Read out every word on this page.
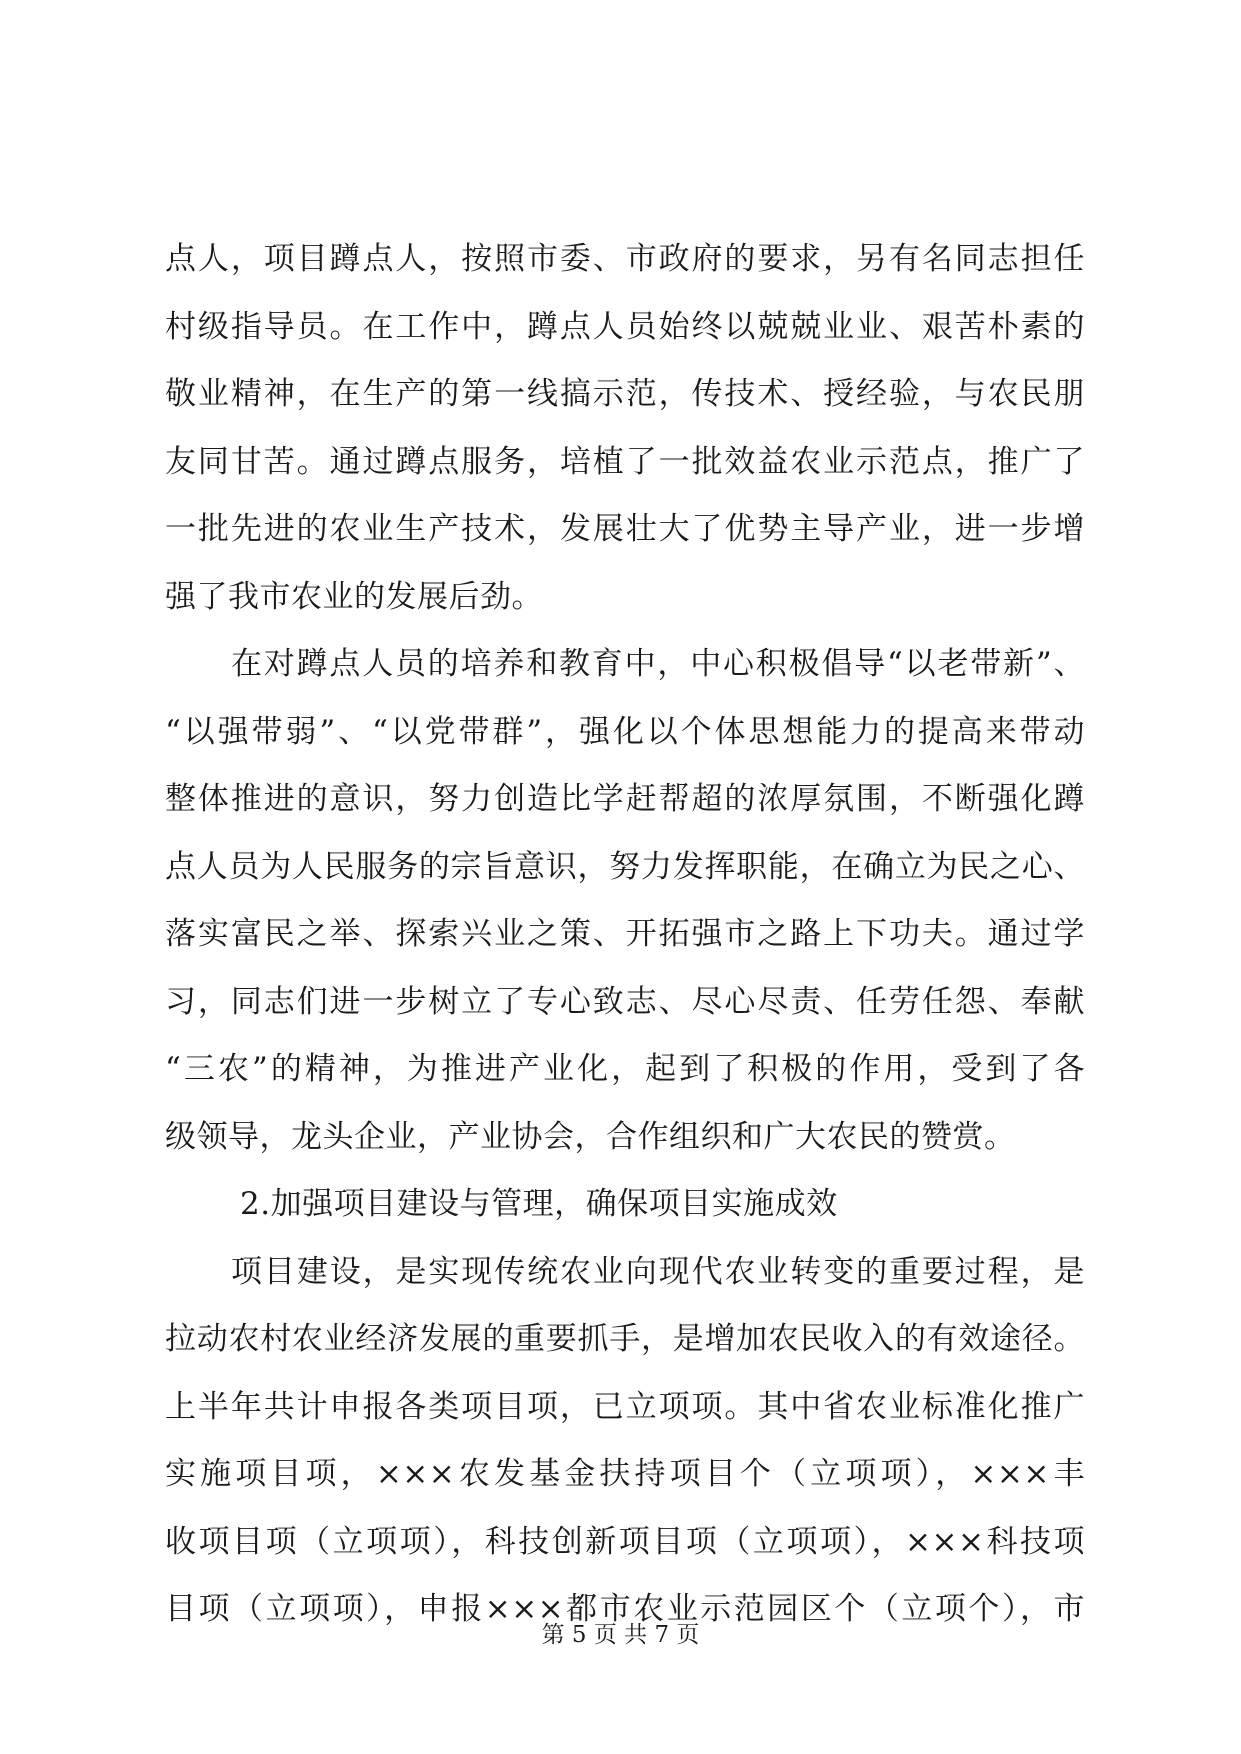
点人，项目蹲点人，按照市委、市政府的要求，另有名同志担任
村级指导员。在工作中，蹲点人员始终以兢兢业业、艰苦朴素的
敬业精神，在生产的第一线搞示范，传技术、授经验，与农民朋
友同甘苦。通过蹲点服务，培植了一批效益农业示范点，推广了
一批先进的农业生产技术，发展壮大了优势主导产业，进一步增
强了我市农业的发展后劲。
在对蹲点人员的培养和教育中，中心积极倡导“以老带新”、
“以强带弱”、“以党带群”，强化以个体思想能力的提高来带动
整体推进的意识，努力创造比学赶帮超的浓厚氛围，不断强化蹲
点人员为人民服务的宗旨意识，努力发挥职能，在确立为民之心、
落实富民之举、探索兴业之策、开拓强市之路上下功夫。通过学
习，同志们进一步树立了专心致志、尽心尽责、任劳任怨、奉献
“三农”的精神，为推进产业化，起到了积极的作用，受到了各
级领导，龙头企业，产业协会，合作组织和广大农民的赞赏。
2.加强项目建设与管理，确保项目实施成效
项目建设，是实现传统农业向现代农业转变的重要过程，是
拉动农村农业经济发展的重要抓手，是增加农民收入的有效途径。
上半年共计申报各类项目项，已立项项。其中省农业标准化推广
实施项目项，×××农发基金扶持项目个（立项项），×××丰
收项目项（立项项），科技创新项目项（立项项），×××科技项
目项（立项项），申报×××都市农业示范园区个（立项个），市
第 5 页 共 7 页
